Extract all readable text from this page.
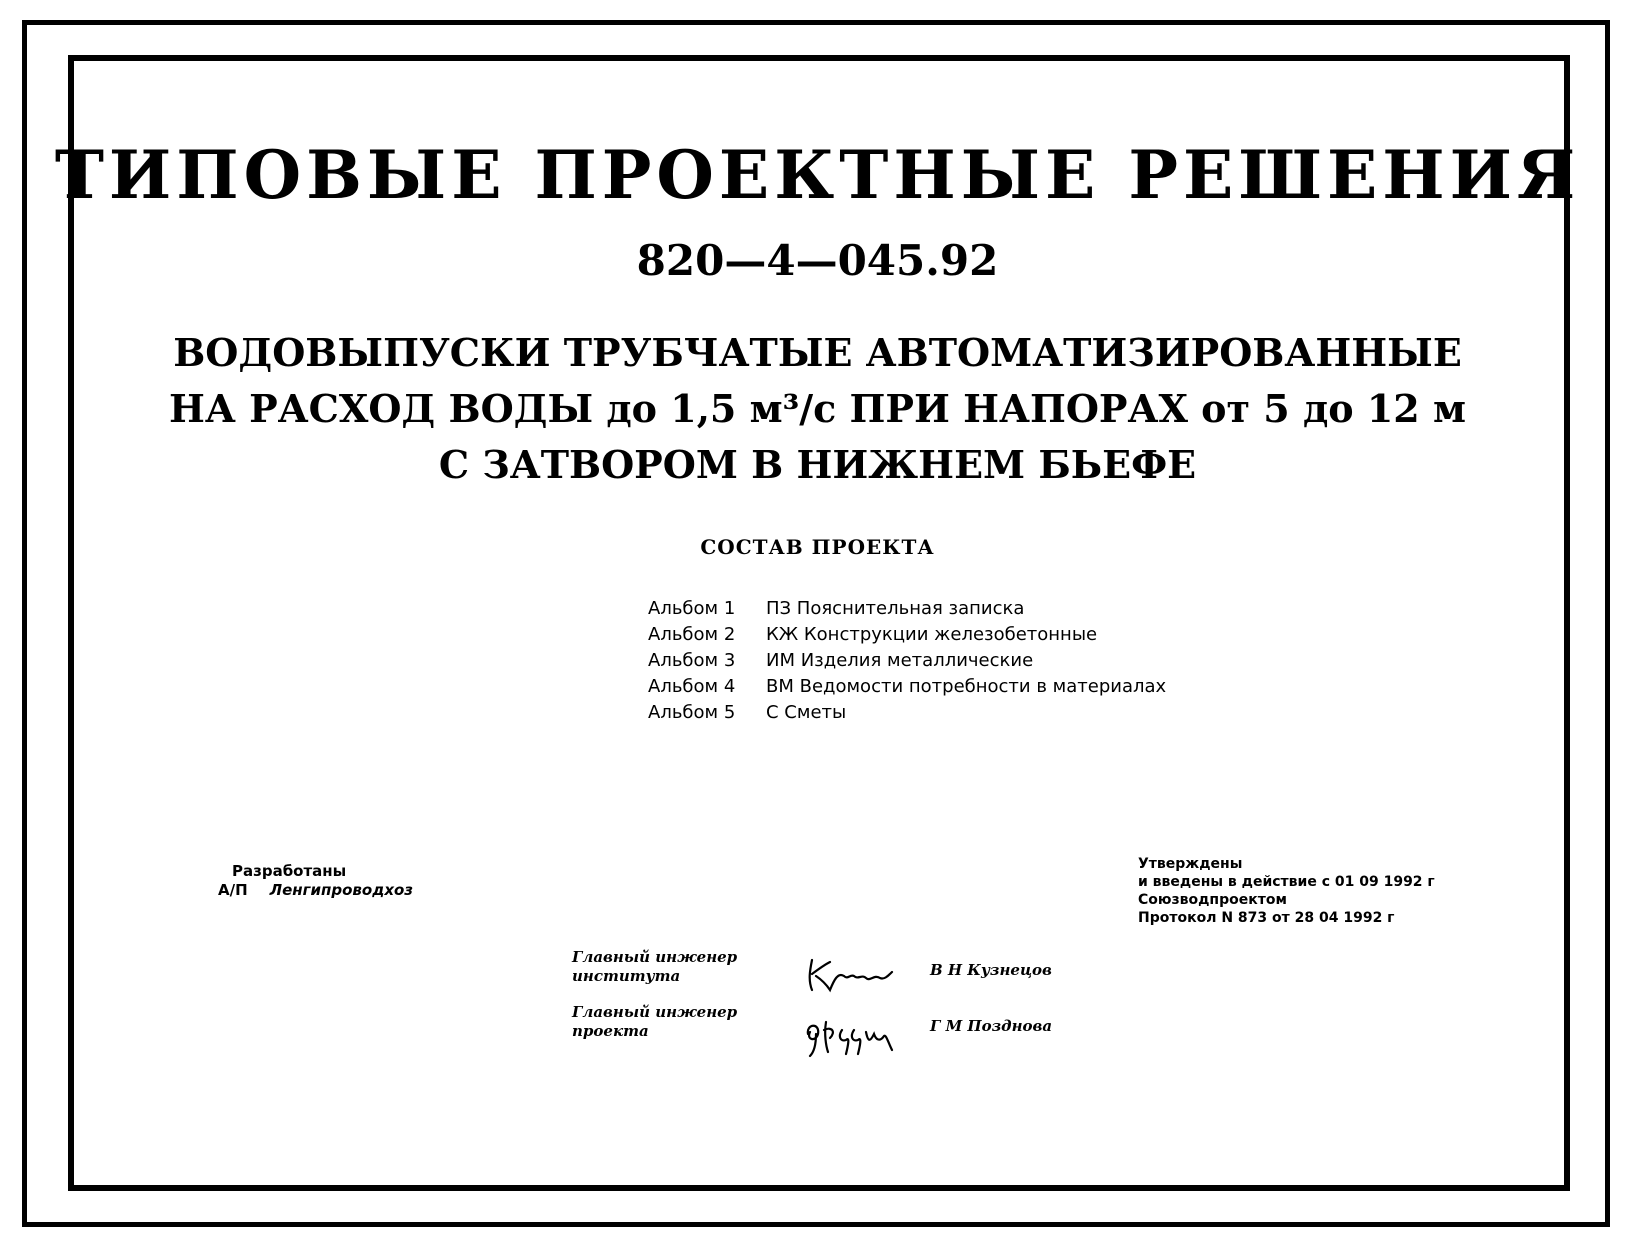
ТИПОВЫЕ ПРОЕКТНЫЕ РЕШЕНИЯ
820—4—045.92
ВОДОВЫПУСКИ ТРУБЧАТЫЕ АВТОМАТИЗИРОВАННЫЕ
НА РАСХОД ВОДЫ до 1,5 м³/с ПРИ НАПОРАХ от 5 до 12 м
С ЗАТВОРОМ В НИЖНЕМ БЬЕФЕ
СОСТАВ ПРОЕКТА
Альбом 1 ПЗ Пояснительная записка
Альбом 2 КЖ Конструкции железобетонные
Альбом 3 ИМ Изделия металлические
Альбом 4 ВМ Ведомости потребности в материалах
Альбом 5 С Сметы
Разработаны
А/П Ленгипроводхоз
Утверждены
и введены в действие с 01 09 1992 г
Союзводпроектом
Протокол N 873 от 28 04 1992 г
Главный инженер
института	В Н Кузнецов
Главный инженер
проекта	Г М Позднова
